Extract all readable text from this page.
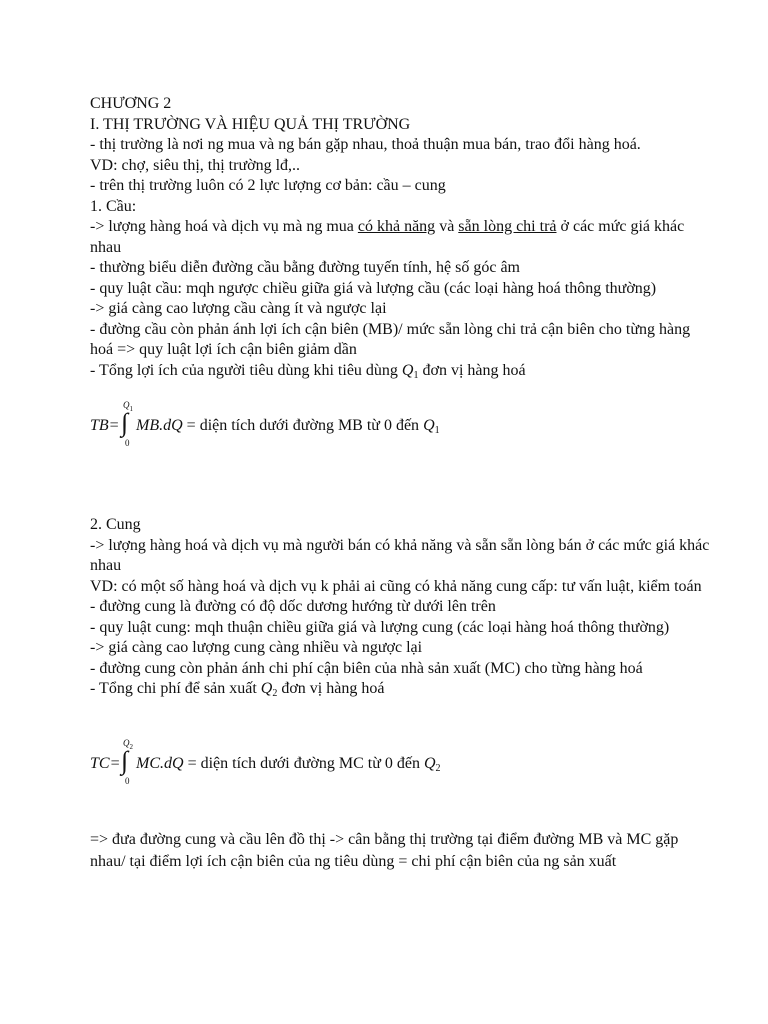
CHƯƠNG 2

I. THỊ TRƯỜNG VÀ HIỆU QUẢ THỊ TRƯỜNG

- thị trường là nơi ng mua và ng bán gặp nhau, thoả thuận mua bán, trao đổi hàng hoá.

VD: chợ, siêu thị, thị trường lđ,..

- trên thị trường luôn có 2 lực lượng cơ bản: cầu – cung

1. Cầu:

-> lượng hàng hoá và dịch vụ mà ng mua có khả năng và sẵn lòng chi trả ở các mức giá khác nhau

- thường biểu diễn đường cầu bằng đường tuyến tính, hệ số góc âm

- quy luật cầu: mqh ngược chiều giữa giá và lượng cầu (các loại hàng hoá thông thường)

-> giá càng cao lượng cầu càng ít và ngược lại

- đường cầu còn phản ánh lợi ích cận biên (MB)/ mức sẵn lòng chi trả cận biên cho từng hàng hoá => quy luật lợi ích cận biên giảm dần

- Tổng lợi ích của người tiêu dùng khi tiêu dùng $Q_1$ đơn vị hàng hoá

TB=
$Q_1$
∫
0
MB.dQ = diện tích dưới đường MB từ 0 đến $Q_1$

2. Cung

-> lượng hàng hoá và dịch vụ mà người bán có khả năng và sẵn sẵn lòng bán ở các mức giá khác nhau

VD: có một số hàng hoá và dịch vụ k phải ai cũng có khả năng cung cấp: tư vấn luật, kiểm toán

- đường cung là đường có độ dốc dương hướng từ dưới lên trên

- quy luật cung: mqh thuận chiều giữa giá và lượng cung (các loại hàng hoá thông thường)

-> giá càng cao lượng cung càng nhiều và ngược lại

- đường cung còn phản ánh chi phí cận biên của nhà sản xuất (MC) cho từng hàng hoá

- Tổng chi phí để sản xuất $Q_2$ đơn vị hàng hoá

TC=
$Q_2$
∫
0
MC.dQ = diện tích dưới đường MC từ 0 đến $Q_2$

=> đưa đường cung và cầu lên đồ thị -> cân bằng thị trường tại điểm đường MB và MC gặp nhau/ tại điểm lợi ích cận biên của ng tiêu dùng = chi phí cận biên của ng sản xuất
